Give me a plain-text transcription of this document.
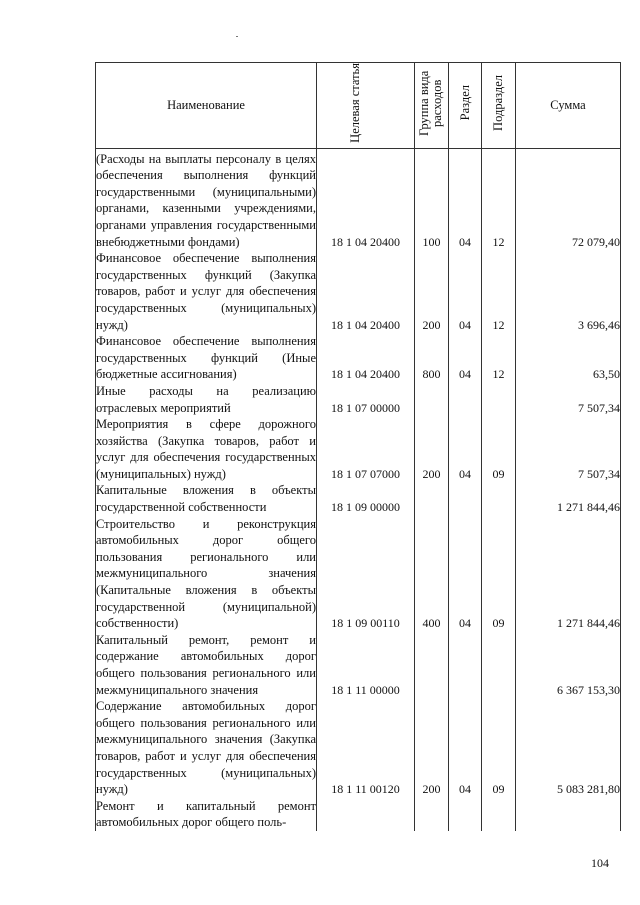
Наименование	Целевая статья	Группа вида расходов	Раздел	Подраздел	Сумма
(Расходы на выплаты персоналу в целях обеспечения выполнения функций государственными (муниципальными) органами, казенными учреждениями, органами управления государственными внебюджетными фондами)	18 1 04 20400	100	04	12	72 079,40
Финансовое обеспечение выполнения государственных функций (Закупка товаров, работ и услуг для обеспечения государственных (муниципальных) нужд)	18 1 04 20400	200	04	12	3 696,46
Финансовое обеспечение выполнения государственных функций (Иные бюджетные ассигнования)	18 1 04 20400	800	04	12	63,50
Иные расходы на реализацию отраслевых мероприятий	18 1 07 00000				7 507,34
Мероприятия в сфере дорожного хозяйства (Закупка товаров, работ и услуг для обеспечения государственных (муниципальных) нужд)	18 1 07 07000	200	04	09	7 507,34
Капитальные вложения в объекты государственной собственности	18 1 09 00000				1 271 844,46
Строительство и реконструкция автомобильных дорог общего пользования регионального или межмуниципального значения (Капитальные вложения в объекты государственной (муниципальной) собственности)	18 1 09 00110	400	04	09	1 271 844,46
Капитальный ремонт, ремонт и содержание автомобильных дорог общего пользования регионального или межмуниципального значения	18 1 11 00000				6 367 153,30
Содержание автомобильных дорог общего пользования регионального или межмуниципального значения (Закупка товаров, работ и услуг для обеспечения государственных (муниципальных) нужд)	18 1 11 00120	200	04	09	5 083 281,80
Ремонт и капитальный ремонт автомобильных дорог общего поль-					
104
